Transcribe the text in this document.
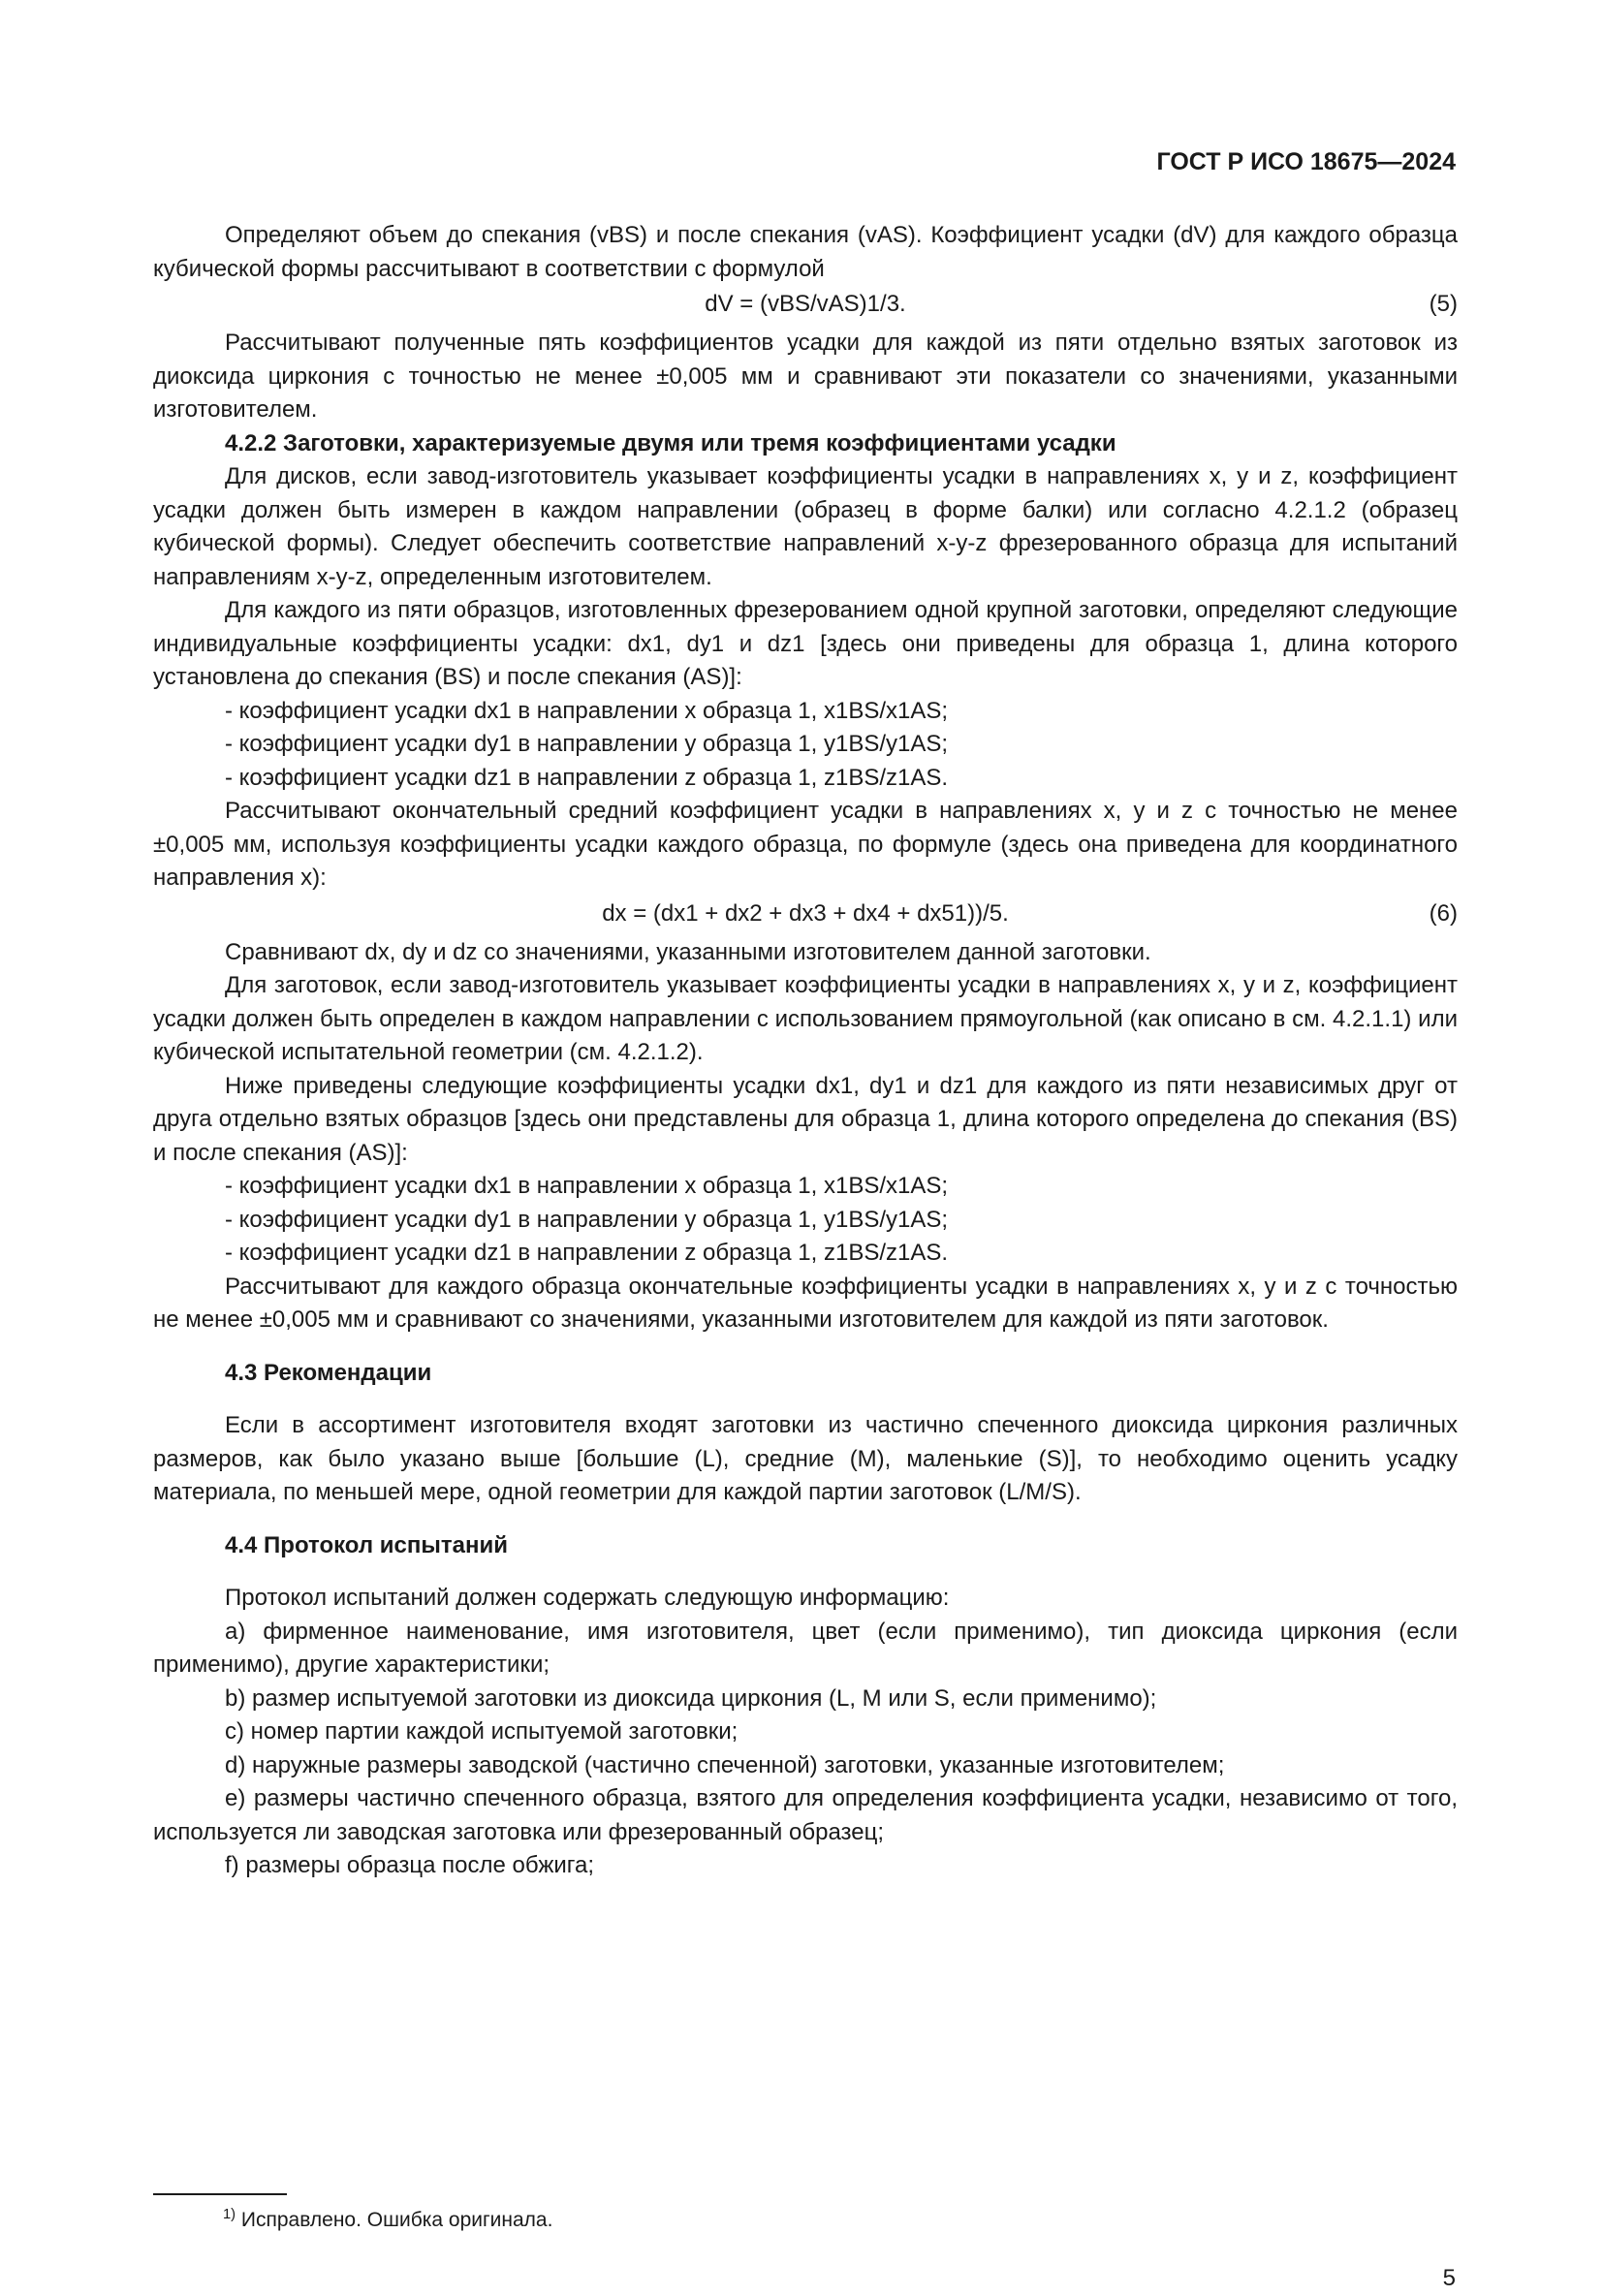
ГОСТ Р ИСО 18675—2024

Определяют объем до спекания (vBS) и после спекания (vAS). Коэффициент усадки (dV) для каждого образца кубической формы рассчитывают в соответствии с формулой

dV = (vBS/vAS)1/3.	(5)

Рассчитывают полученные пять коэффициентов усадки для каждой из пяти отдельно взятых заготовок из диоксида циркония с точностью не менее ±0,005 мм и сравнивают эти показатели со значениями, указанными изготовителем.

4.2.2 Заготовки, характеризуемые двумя или тремя коэффициентами усадки

Для дисков, если завод-изготовитель указывает коэффициенты усадки в направлениях x, y и z, коэффициент усадки должен быть измерен в каждом направлении (образец в форме балки) или согласно 4.2.1.2 (образец кубической формы). Следует обеспечить соответствие направлений x-y-z фрезерованного образца для испытаний направлениям x-y-z, определенным изготовителем.

Для каждого из пяти образцов, изготовленных фрезерованием одной крупной заготовки, определяют следующие индивидуальные коэффициенты усадки: dx1, dy1 и dz1 [здесь они приведены для образца 1, длина которого установлена до спекания (BS) и после спекания (AS)]:

- коэффициент усадки dx1 в направлении x образца 1, x1BS/x1AS;

- коэффициент усадки dy1 в направлении y образца 1, y1BS/y1AS;

- коэффициент усадки dz1 в направлении z образца 1, z1BS/z1AS.

Рассчитывают окончательный средний коэффициент усадки в направлениях x, y и z с точностью не менее ±0,005 мм, используя коэффициенты усадки каждого образца, по формуле (здесь она приведена для координатного направления x):

dx = (dx1 + dx2 + dx3 + dx4 + dx51))/5.	(6)

Сравнивают dx, dy и dz со значениями, указанными изготовителем данной заготовки.

Для заготовок, если завод-изготовитель указывает коэффициенты усадки в направлениях x, y и z, коэффициент усадки должен быть определен в каждом направлении с использованием прямоугольной (как описано в см. 4.2.1.1) или кубической испытательной геометрии (см. 4.2.1.2).

Ниже приведены следующие коэффициенты усадки dx1, dy1 и dz1 для каждого из пяти независимых друг от друга отдельно взятых образцов [здесь они представлены для образца 1, длина которого определена до спекания (BS) и после спекания (AS)]:

- коэффициент усадки dx1 в направлении x образца 1, x1BS/x1AS;

- коэффициент усадки dy1 в направлении y образца 1, y1BS/y1AS;

- коэффициент усадки dz1 в направлении z образца 1, z1BS/z1AS.

Рассчитывают для каждого образца окончательные коэффициенты усадки в направлениях x, y и z с точностью не менее ±0,005 мм и сравнивают со значениями, указанными изготовителем для каждой из пяти заготовок.

4.3 Рекомендации

Если в ассортимент изготовителя входят заготовки из частично спеченного диоксида циркония различных размеров, как было указано выше [большие (L), средние (M), маленькие (S)], то необходимо оценить усадку материала, по меньшей мере, одной геометрии для каждой партии заготовок (L/M/S).

4.4 Протокол испытаний

Протокол испытаний должен содержать следующую информацию:

a) фирменное наименование, имя изготовителя, цвет (если применимо), тип диоксида циркония (если применимо), другие характеристики;

b) размер испытуемой заготовки из диоксида циркония (L, M или S, если применимо);

c) номер партии каждой испытуемой заготовки;

d) наружные размеры заводской (частично спеченной) заготовки, указанные изготовителем;

e) размеры частично спеченного образца, взятого для определения коэффициента усадки, независимо от того, используется ли заводская заготовка или фрезерованный образец;

f) размеры образца после обжига;

$^{1)}$ Исправлено. Ошибка оригинала.
5
